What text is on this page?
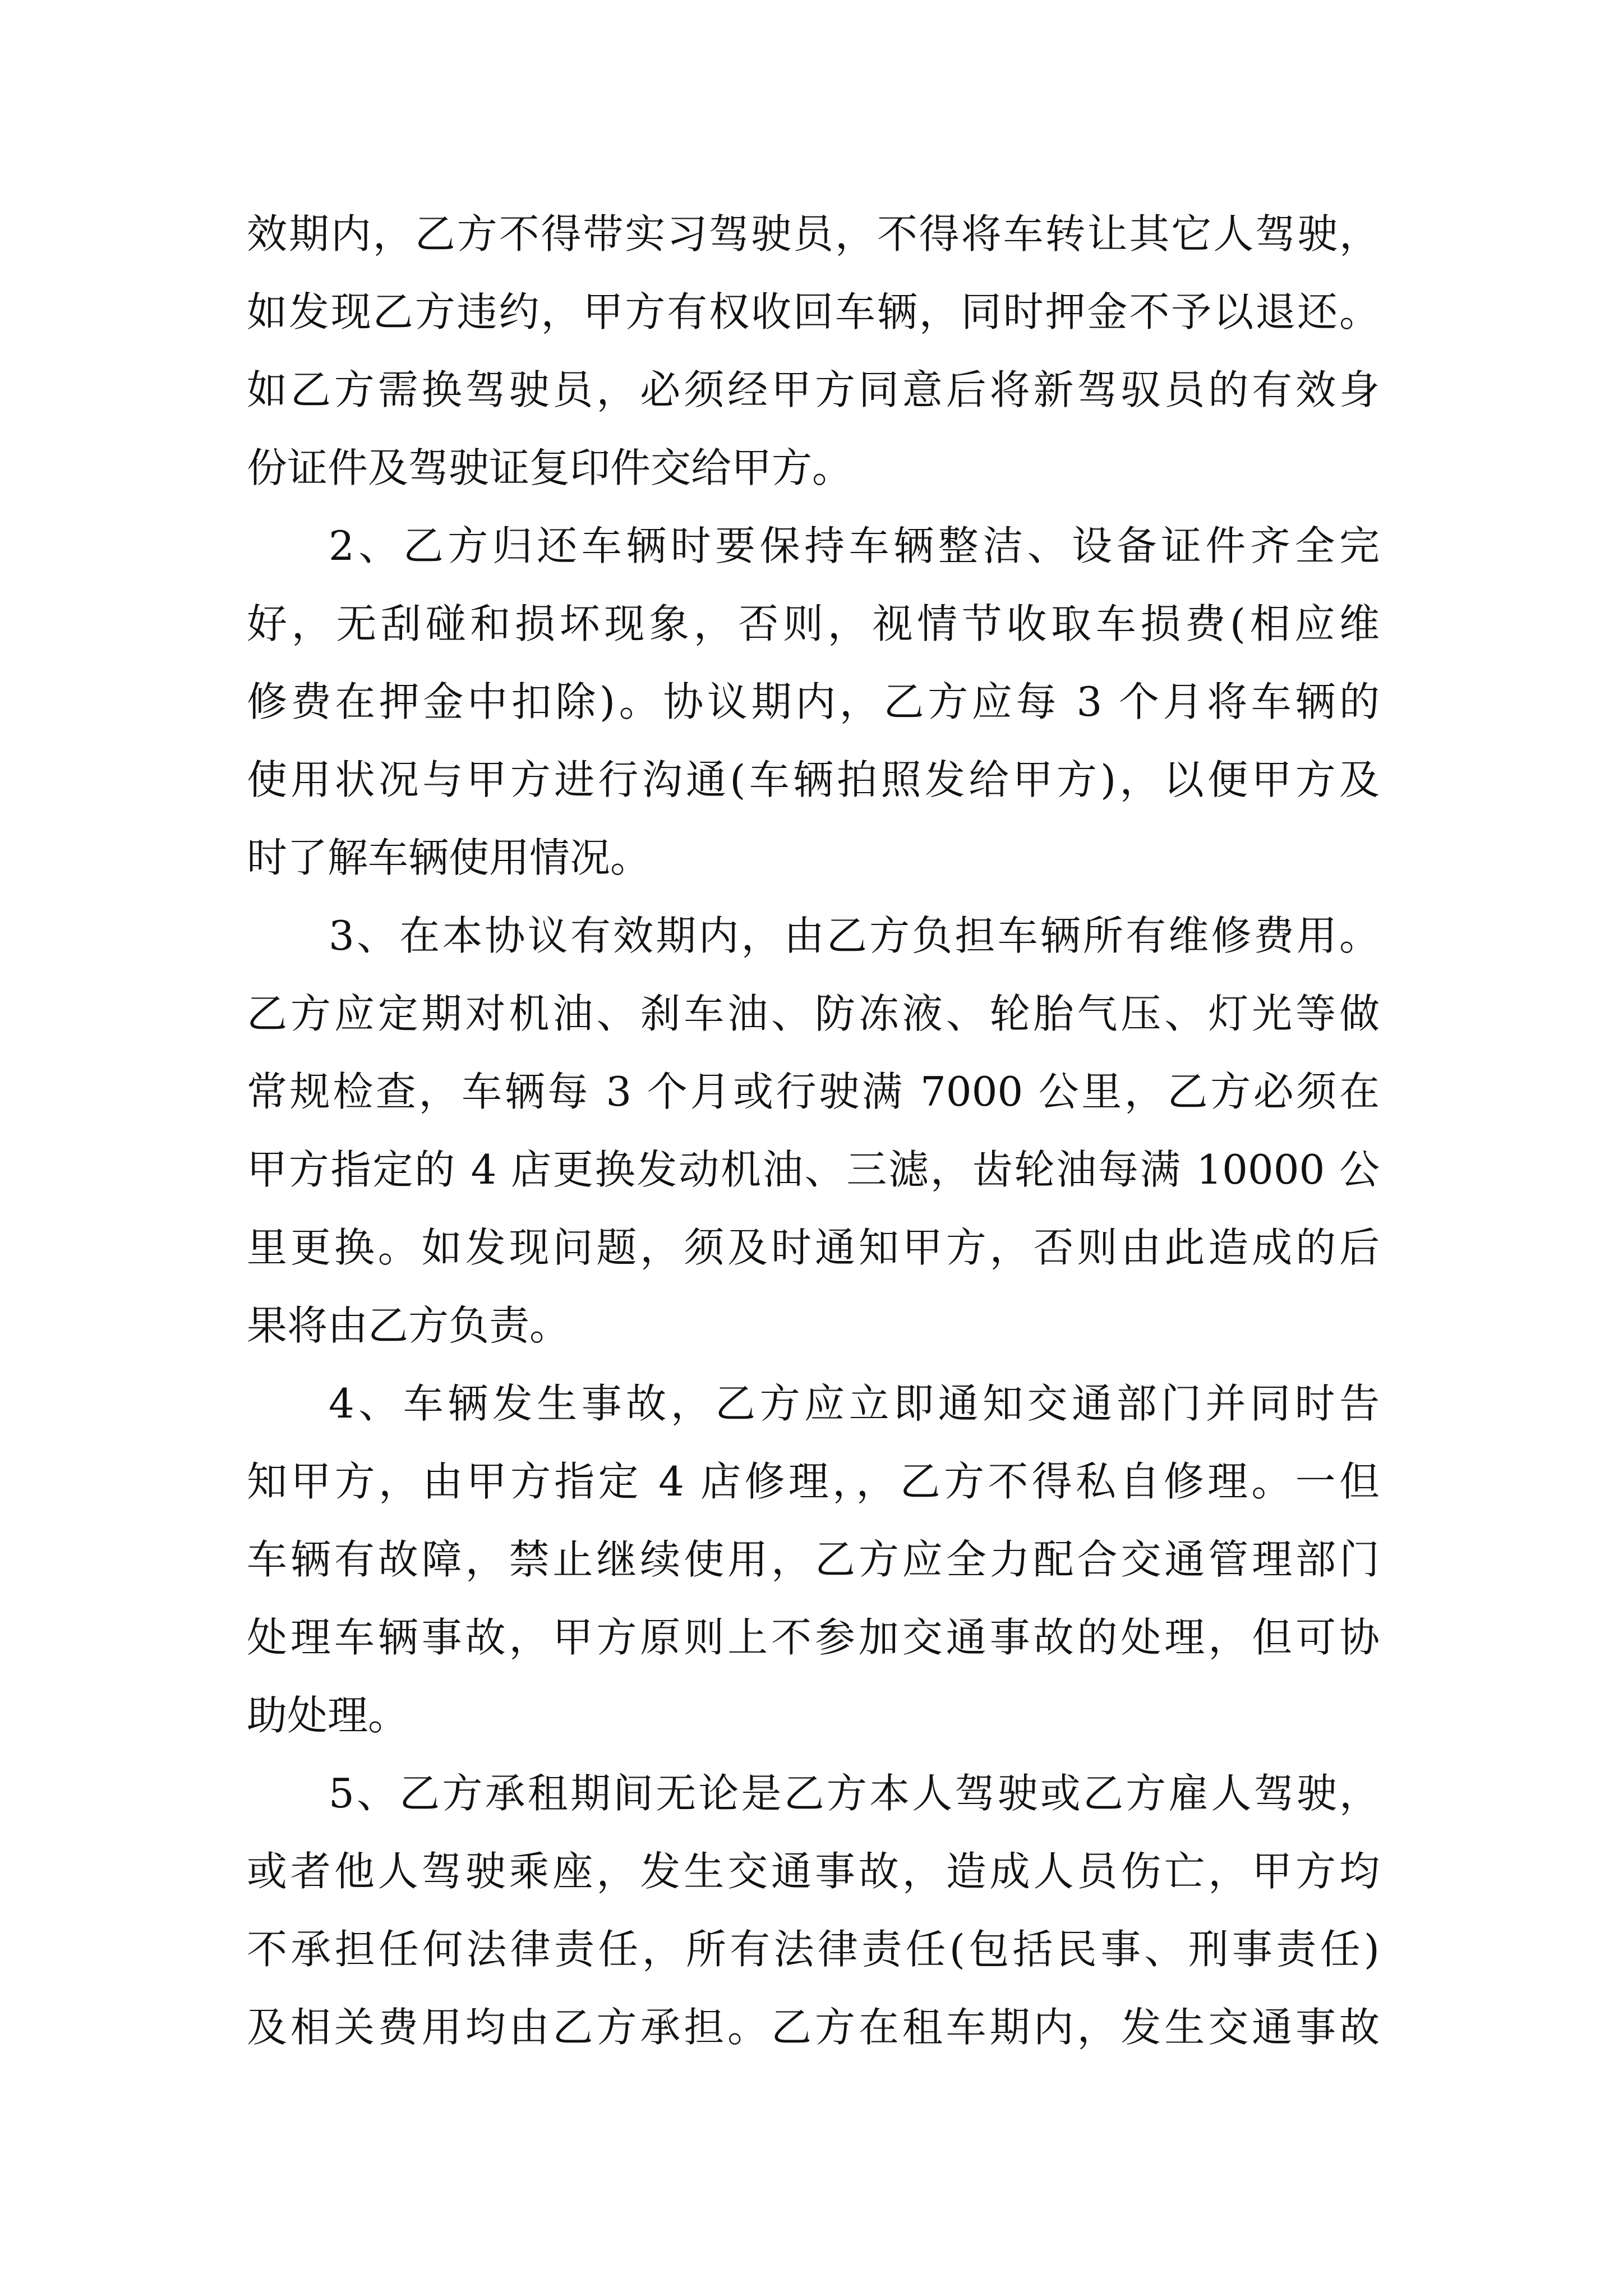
效期内，乙方不得带实习驾驶员，不得将车转让其它人驾驶，
如发现乙方违约，甲方有权收回车辆，同时押金不予以退还。
如乙方需换驾驶员，必须经甲方同意后将新驾驭员的有效身
份证件及驾驶证复印件交给甲方。
2、乙方归还车辆时要保持车辆整洁、设备证件齐全完
好，无刮碰和损坏现象，否则，视情节收取车损费(相应维
修费在押金中扣除)。协议期内，乙方应每 3 个月将车辆的
使用状况与甲方进行沟通(车辆拍照发给甲方)，以便甲方及
时了解车辆使用情况。
3、在本协议有效期内，由乙方负担车辆所有维修费用。
乙方应定期对机油、刹车油、防冻液、轮胎气压、灯光等做
常规检查，车辆每 3 个月或行驶满 7000 公里，乙方必须在
甲方指定的 4 店更换发动机油、三滤，齿轮油每满 10000 公
里更换。如发现问题，须及时通知甲方，否则由此造成的后
果将由乙方负责。
4、车辆发生事故，乙方应立即通知交通部门并同时告
知甲方，由甲方指定 4 店修理，，乙方不得私自修理。一但
车辆有故障，禁止继续使用，乙方应全力配合交通管理部门
处理车辆事故，甲方原则上不参加交通事故的处理，但可协
助处理。
5、乙方承租期间无论是乙方本人驾驶或乙方雇人驾驶，
或者他人驾驶乘座，发生交通事故，造成人员伤亡，甲方均
不承担任何法律责任，所有法律责任(包括民事、刑事责任)
及相关费用均由乙方承担。乙方在租车期内，发生交通事故
